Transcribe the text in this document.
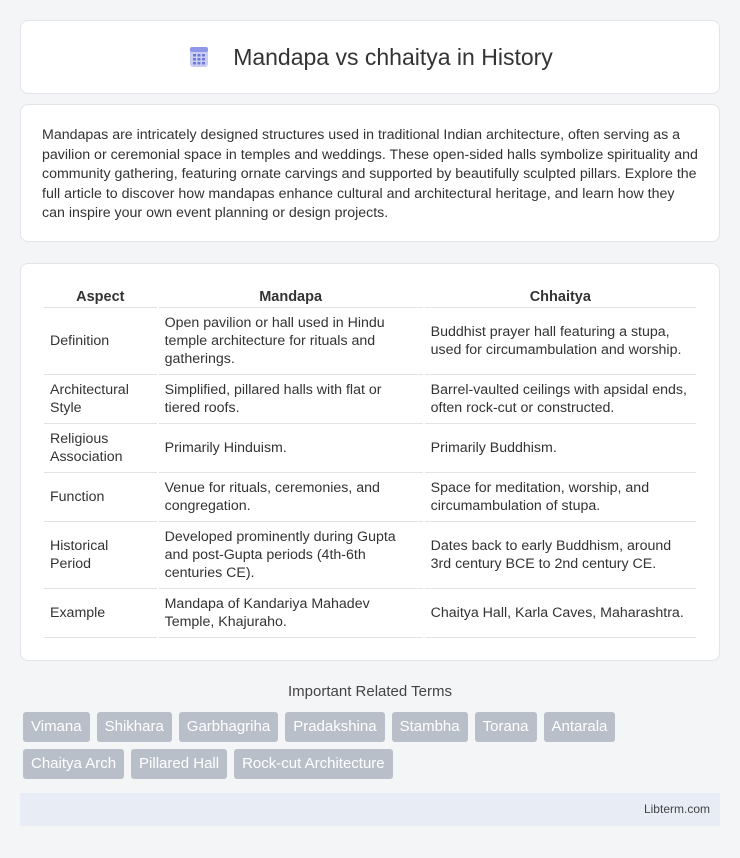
Mandapa vs chhaitya in History

Mandapas are intricately designed structures used in traditional Indian architecture, often serving as a pavilion or ceremonial space in temples and weddings. These open-sided halls symbolize spirituality and community gathering, featuring ornate carvings and supported by beautifully sculpted pillars. Explore the full article to discover how mandapas enhance cultural and architectural heritage, and learn how they can inspire your own event planning or design projects.

Aspect	Mandapa	Chhaitya
Definition	Open pavilion or hall used in Hindu temple architecture for rituals and gatherings.	Buddhist prayer hall featuring a stupa, used for circumambulation and worship.
Architectural Style	Simplified, pillared halls with flat or tiered roofs.	Barrel-vaulted ceilings with apsidal ends, often rock-cut or constructed.
Religious Association	Primarily Hinduism.	Primarily Buddhism.
Function	Venue for rituals, ceremonies, and congregation.	Space for meditation, worship, and circumambulation of stupa.
Historical Period	Developed prominently during Gupta and post-Gupta periods (4th-6th centuries CE).	Dates back to early Buddhism, around 3rd century BCE to 2nd century CE.
Example	Mandapa of Kandariya Mahadev Temple, Khajuraho.	Chaitya Hall, Karla Caves, Maharashtra.
Important Related Terms
Vimana	Shikhara	Garbhagriha	Pradakshina	Stambha	Torana	Antarala
Chaitya Arch	Pillared Hall	Rock-cut Architecture
Libterm.com
